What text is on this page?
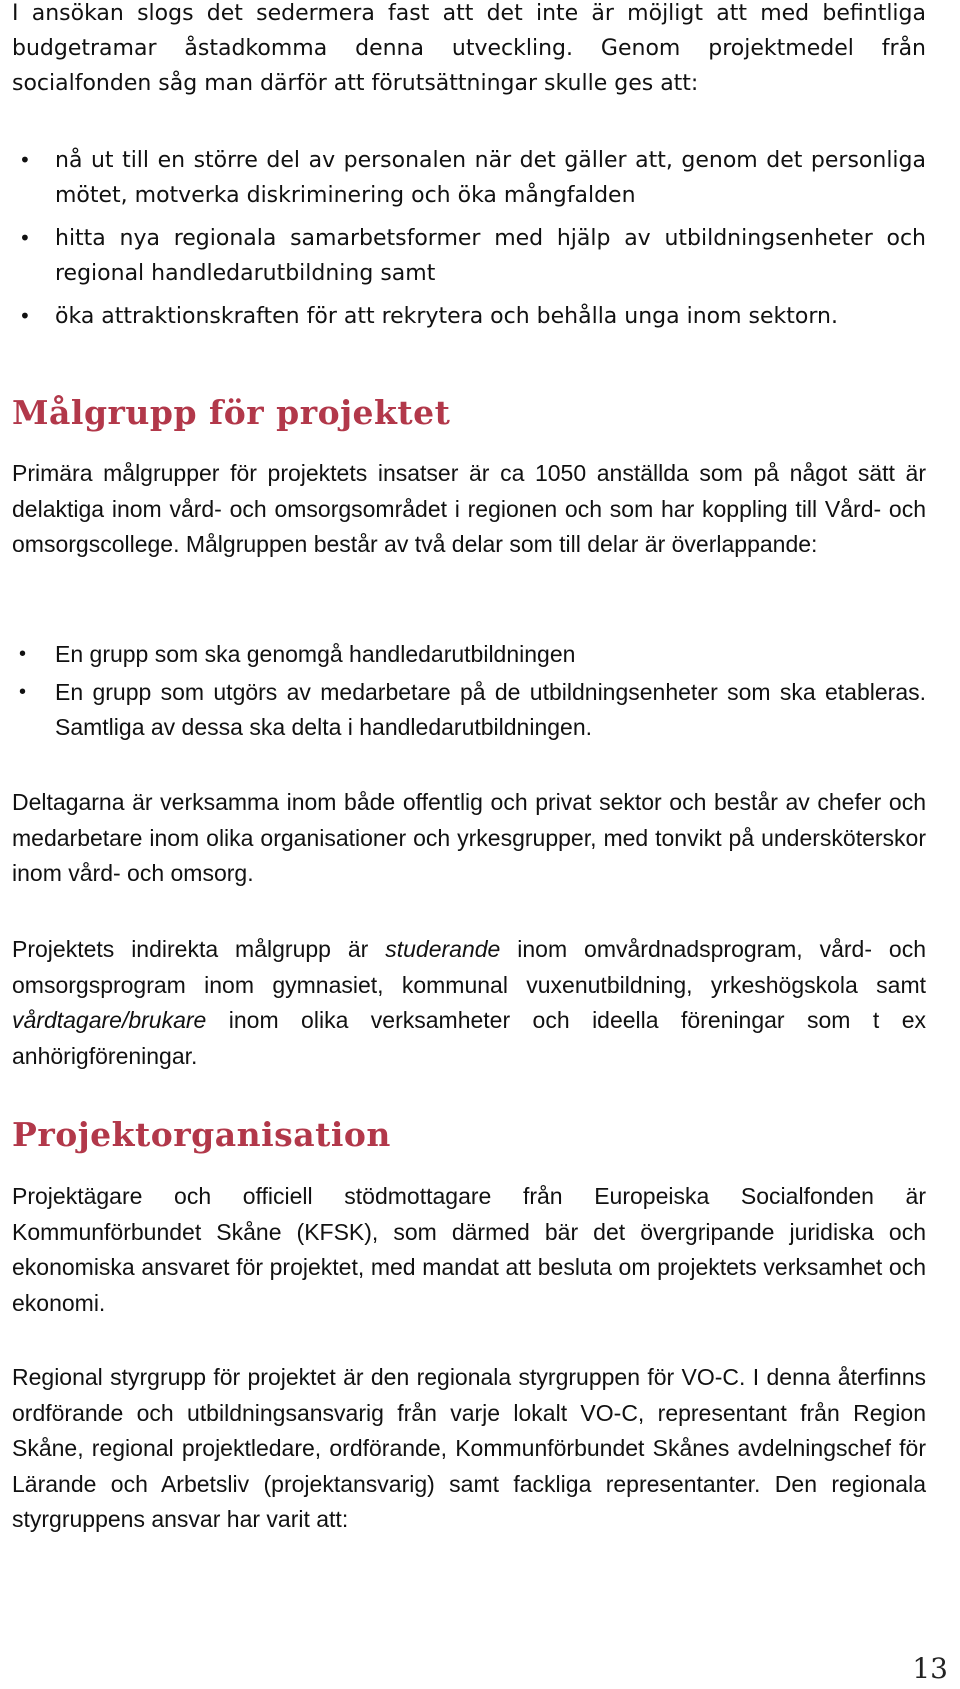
I ansökan slogs det sedermera fast att det inte är möjligt att med befintliga budgetramar åstadkomma denna utveckling. Genom projektmedel från socialfonden såg man därför att förutsättningar skulle ges att:

• nå ut till en större del av personalen när det gäller att, genom det personliga mötet, motverka diskriminering och öka mångfalden
• hitta nya regionala samarbetsformer med hjälp av utbildningsenheter och regional handledarutbildning samt
• öka attraktionskraften för att rekrytera och behålla unga inom sektorn.
Målgrupp för projektet

Primära målgrupper för projektets insatser är ca 1050 anställda som på något sätt är delaktiga inom vård- och omsorgsområdet i regionen och som har koppling till Vård- och omsorgscollege. Målgruppen består av två delar som till delar är överlappande:

• En grupp som ska genomgå handledarutbildningen
• En grupp som utgörs av medarbetare på de utbildningsenheter som ska etableras. Samtliga av dessa ska delta i handledarutbildningen.

Deltagarna är verksamma inom både offentlig och privat sektor och består av chefer och medarbetare inom olika organisationer och yrkesgrupper, med tonvikt på undersköterskor inom vård- och omsorg.

Projektets indirekta målgrupp är studerande inom omvårdnadsprogram, vård- och omsorgsprogram inom gymnasiet, kommunal vuxenutbildning, yrkeshögskola samt vårdtagare/brukare inom olika verksamheter och ideella föreningar som t ex anhörigföreningar.

Projektorganisation

Projektägare och officiell stödmottagare från Europeiska Socialfonden är Kommunförbundet Skåne (KFSK), som därmed bär det övergripande juridiska och ekonomiska ansvaret för projektet, med mandat att besluta om projektets verksamhet och ekonomi.

Regional styrgrupp för projektet är den regionala styrgruppen för VO-C. I denna återfinns ordförande och utbildningsansvarig från varje lokalt VO-C, representant från Region Skåne, regional projektledare, ordförande, Kommunförbundet Skånes avdelningschef för Lärande och Arbetsliv (projektansvarig) samt fackliga representanter. Den regionala styrgruppens ansvar har varit att:

13
